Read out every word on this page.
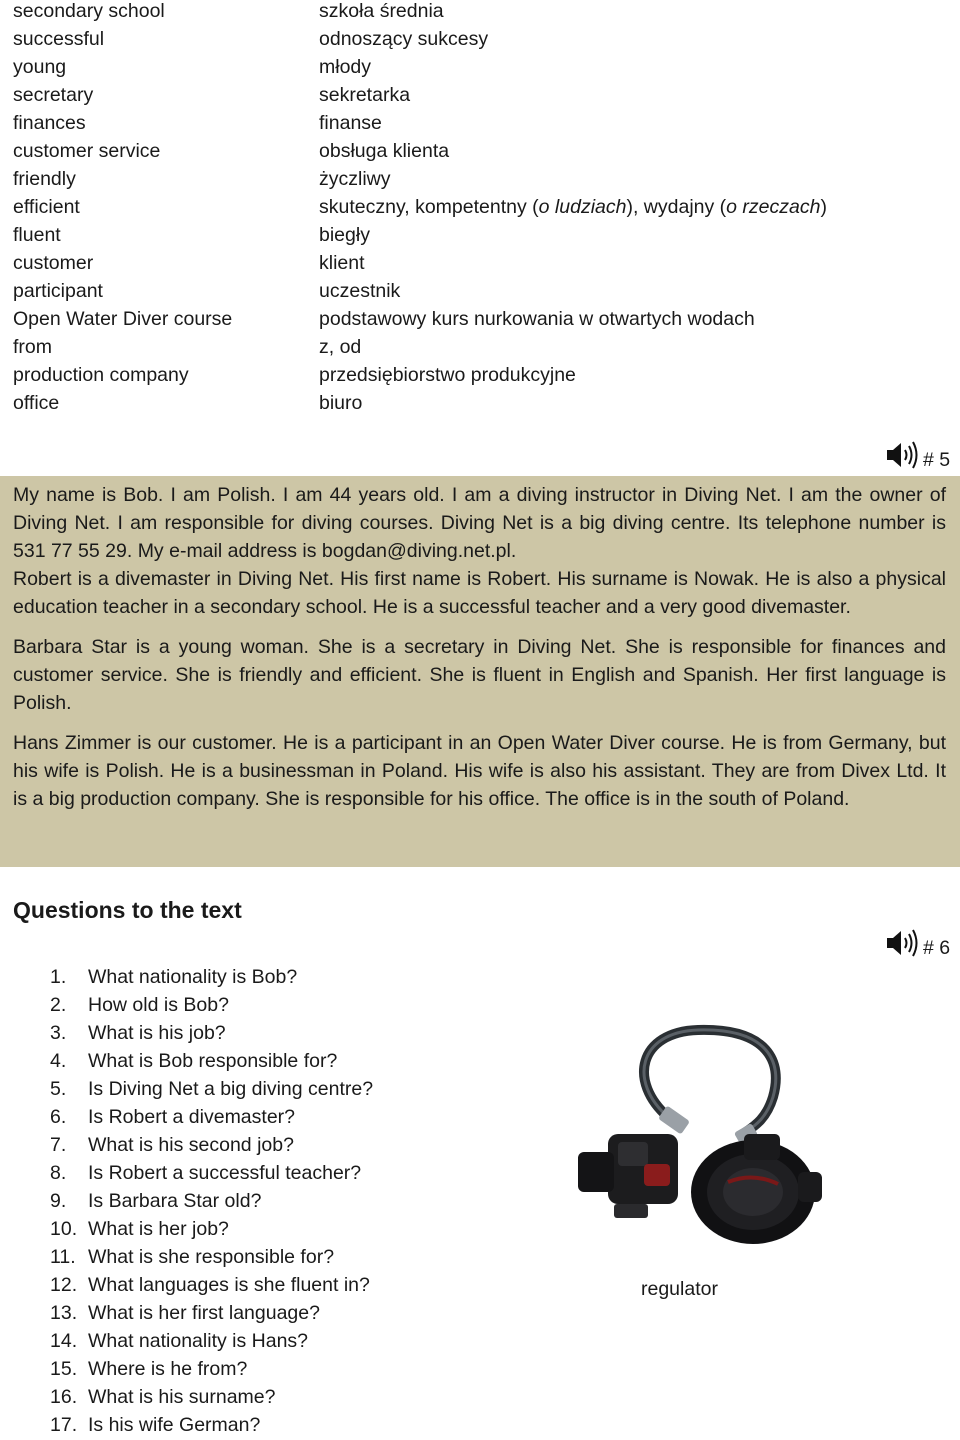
secondary school	szkoła średnia
successful	odnoszący sukcesy
young	młody
secretary	sekretarka
finances	finanse
customer service	obsługa klienta
friendly	życzliwy
efficient	skuteczny, kompetentny (o ludziach), wydajny (o rzeczach)
fluent	biegły
customer	klient
participant	uczestnik
Open Water Diver course	podstawowy kurs nurkowania w otwartych wodach
from	z, od
production company	przedsiębiorstwo produkcyjne
office	biuro
# 5

My name is Bob. I am Polish. I am 44 years old. I am a diving instructor in Diving Net. I am the owner of Diving Net. I am responsible for diving courses. Diving Net is a big diving centre. Its telephone number is 531 77 55 29. My e-mail address is bogdan@diving.net.pl.

Robert is a divemaster in Diving Net. His first name is Robert. His surname is Nowak. He is also a physical education teacher in a secondary school. He is a successful teacher and a very good divemaster.

Barbara Star is a young woman. She is a secretary in Diving Net. She is responsible for finances and customer service. She is friendly and efficient. She is fluent in English and Spanish. Her first language is Polish.

Hans Zimmer is our customer. He is a participant in an Open Water Diver course. He is from Germany, but his wife is Polish. He is a businessman in Poland. His wife is also his assistant. They are from Divex Ltd. It is a big production company. She is responsible for his office. The office is in the south of Poland.

Questions to the text
# 6
1. What nationality is Bob?
2. How old is Bob?
3. What is his job?
4. What is Bob responsible for?
5. Is Diving Net a big diving centre?
6. Is Robert a divemaster?
7. What is his second job?
8. Is Robert a successful teacher?
9. Is Barbara Star old?
10. What is her job?
11. What is she responsible for?
12. What languages is she fluent in?
13. What is her first language?
14. What nationality is Hans?
15. Where is he from?
16. What is his surname?
17. Is his wife German?
regulator
